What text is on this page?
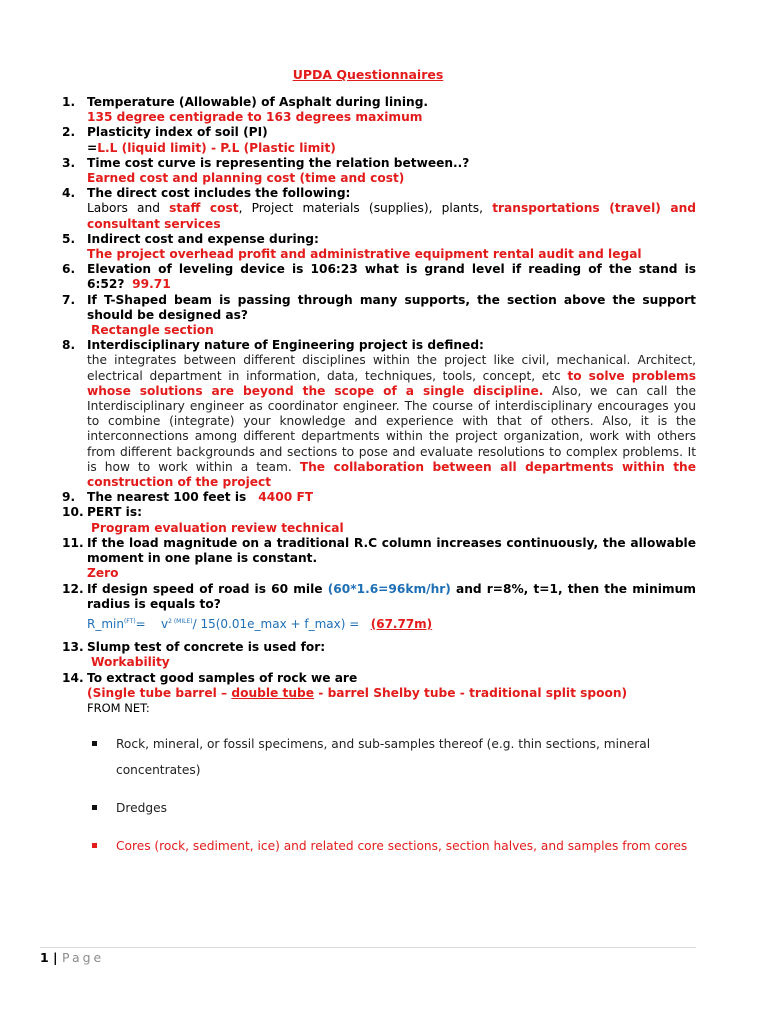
UPDA Questionnaires
1. Temperature (Allowable) of Asphalt during lining.
135 degree centigrade to 163 degrees maximum
2. Plasticity index of soil (PI)
=L.L (liquid limit) - P.L (Plastic limit)
3. Time cost curve is representing the relation between..?
Earned cost and planning cost (time and cost)
4. The direct cost includes the following:
Labors and staff cost, Project materials (supplies), plants, transportations (travel) and consultant services
5. Indirect cost and expense during:
The project overhead profit and administrative equipment rental audit and legal
6. Elevation of leveling device is 106:23 what is grand level if reading of the stand is 6:52? 99.71
7. If T-Shaped beam is passing through many supports, the section above the support should be designed as?
Rectangle section
8. Interdisciplinary nature of Engineering project is defined:
the integrates between different disciplines within the project like civil, mechanical. Architect, electrical department in information, data, techniques, tools, concept, etc to solve problems whose solutions are beyond the scope of a single discipline. Also, we can call the Interdisciplinary engineer as coordinator engineer. The course of interdisciplinary encourages you to combine (integrate) your knowledge and experience with that of others. Also, it is the interconnections among different departments within the project organization, work with others from different backgrounds and sections to pose and evaluate resolutions to complex problems. It is how to work within a team. The collaboration between all departments within the construction of the project
9. The nearest 100 feet is   4400 FT
10. PERT is:
Program evaluation review technical
11. If the load magnitude on a traditional R.C column increases continuously, the allowable moment in one plane is constant.
Zero
12. If design speed of road is 60 mile (60*1.6=96km/hr) and r=8%, t=1, then the minimum radius is equals to?
$R\_\min^{(FT)}=$    $v^{2 (MILE)}/$ 15(0.01e_max + f_max) =   (67.77m)
13. Slump test of concrete is used for:
Workability
14. To extract good samples of rock we are
(Single tube barrel – double tube - barrel Shelby tube - traditional split spoon)
FROM NET:
Rock, mineral, or fossil specimens, and sub-samples thereof (e.g. thin sections, mineral concentrates)
Dredges
Cores (rock, sediment, ice) and related core sections, section halves, and samples from cores
1 | Page
